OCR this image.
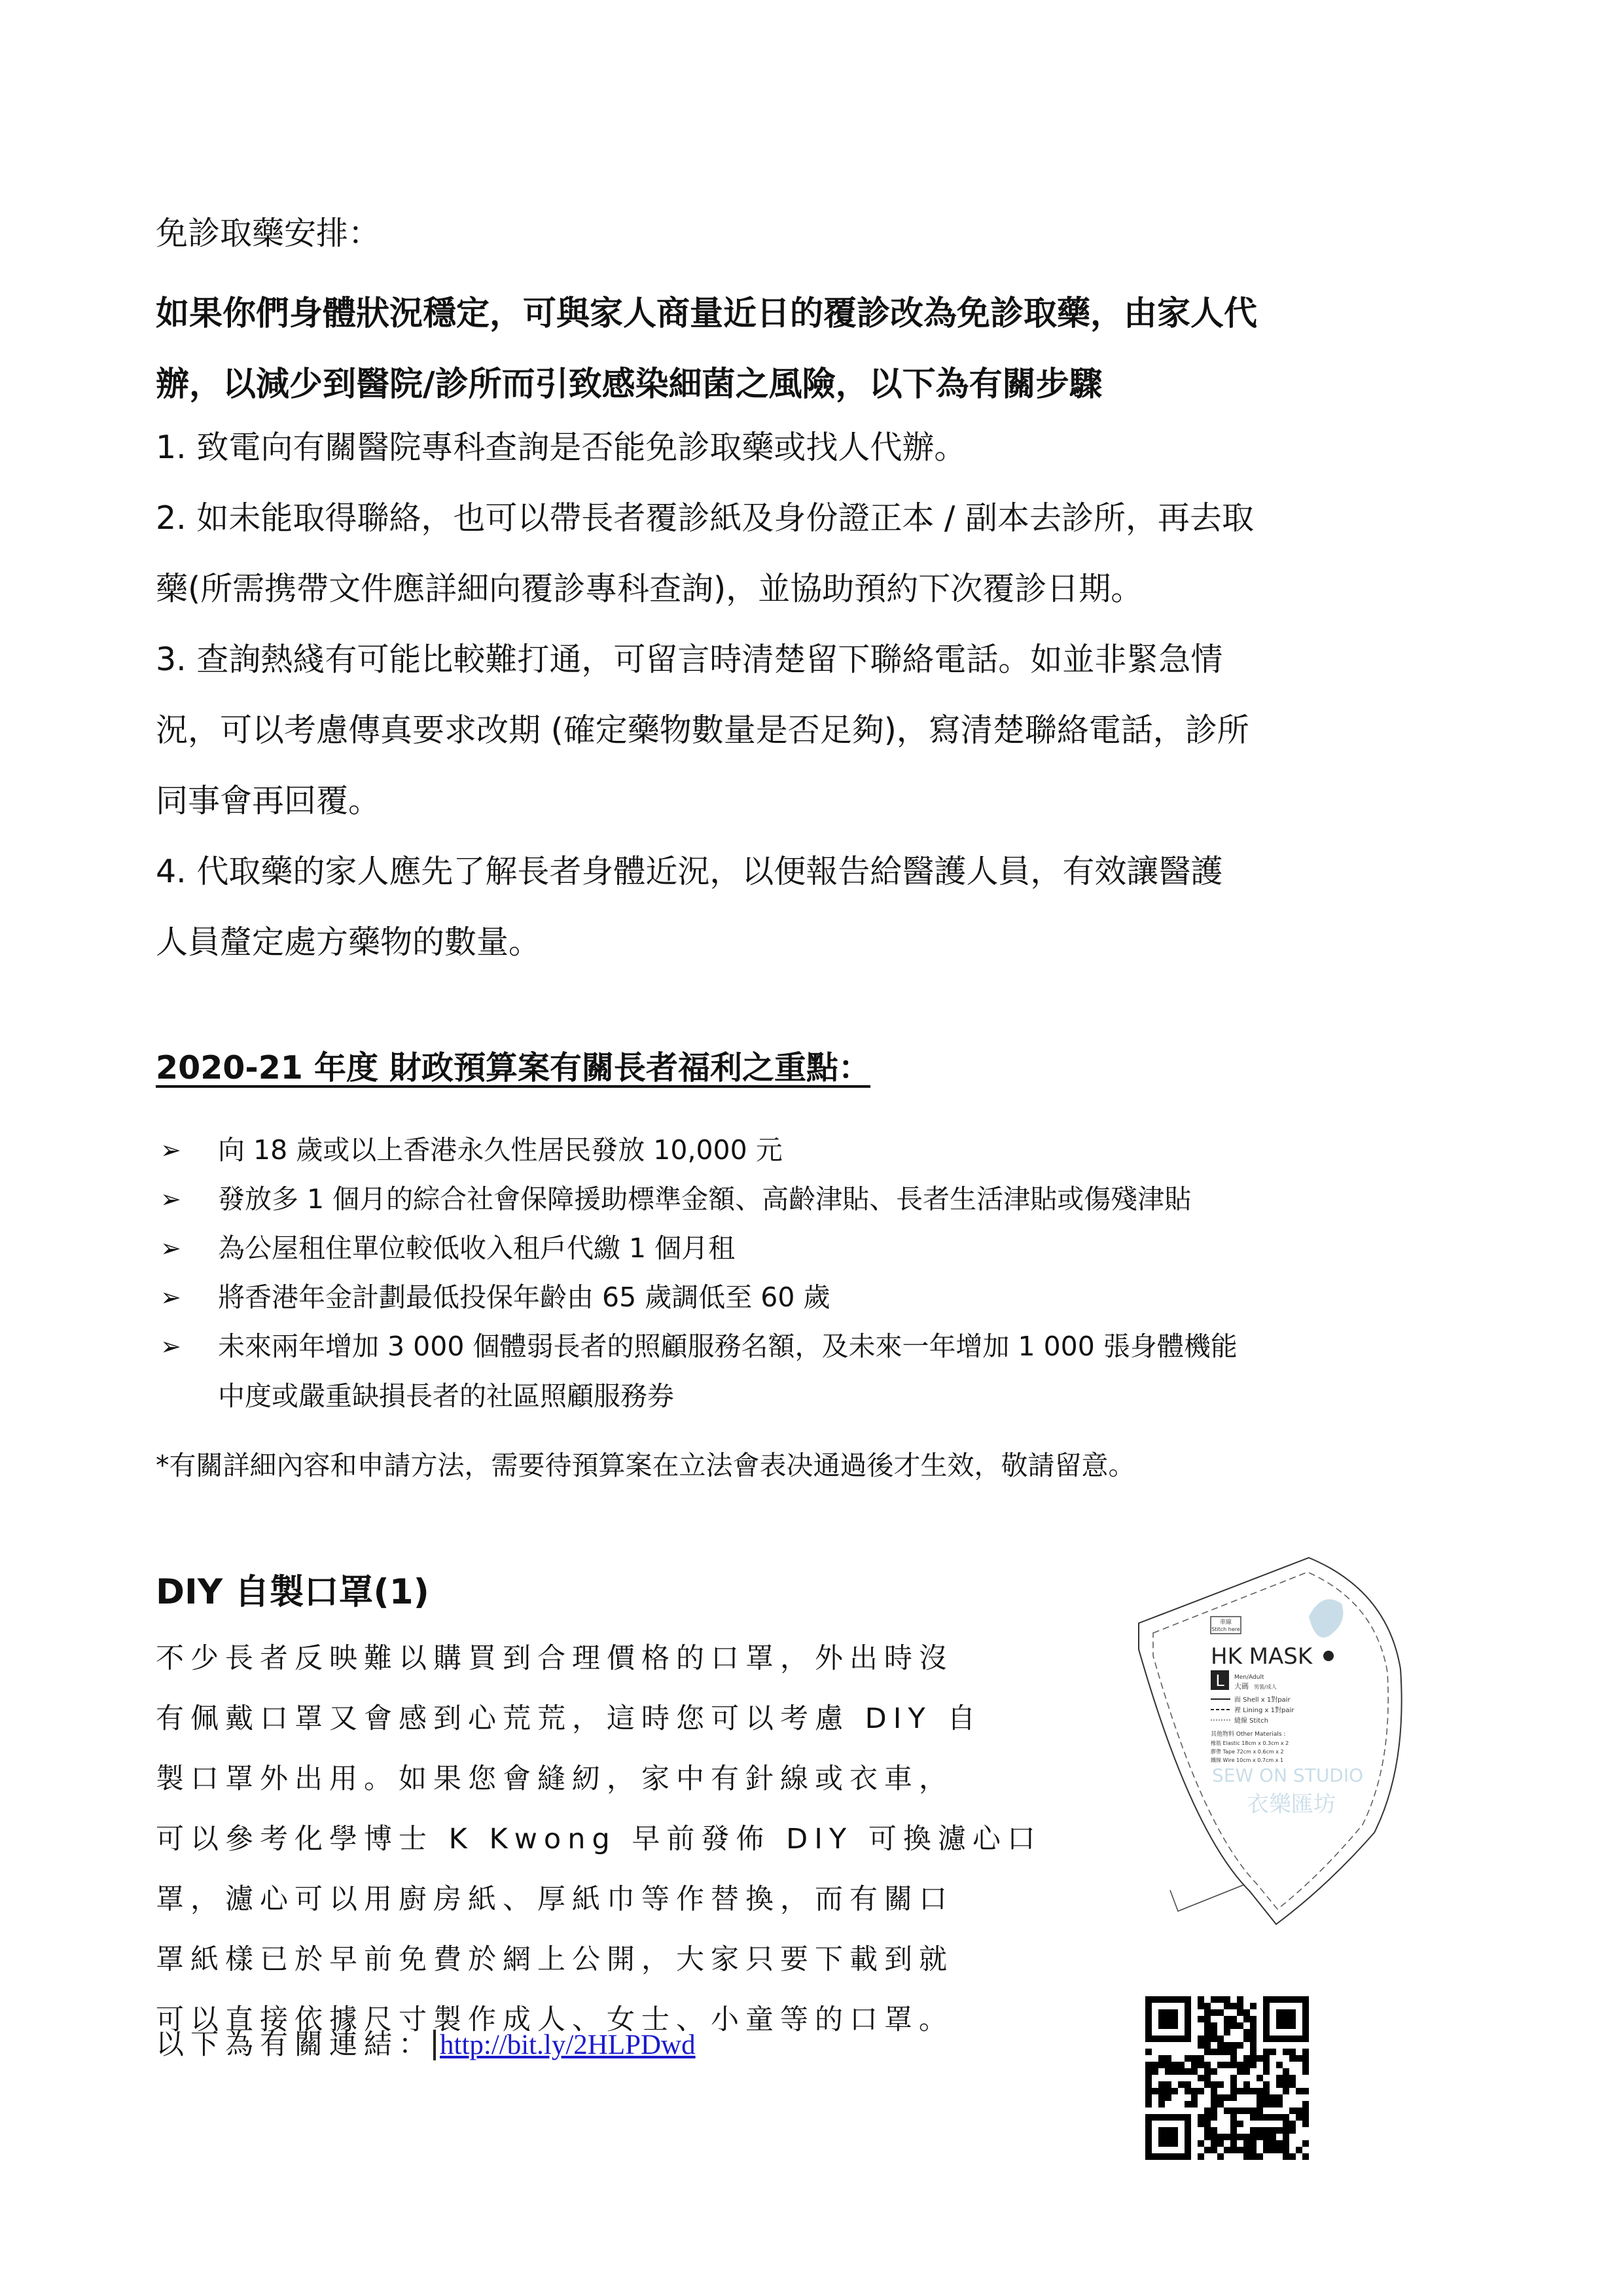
免診取藥安排：
如果你們身體狀況穩定，可與家人商量近日的覆診改為免診取藥，由家人代
辦，以減少到醫院/診所而引致感染細菌之風險，以下為有關步驟
1. 致電向有關醫院專科查詢是否能免診取藥或找人代辦。
2. 如未能取得聯絡，也可以帶長者覆診紙及身份證正本 / 副本去診所，再去取
藥(所需携帶文件應詳細向覆診專科查詢)，並協助預約下次覆診日期。
3. 查詢熱綫有可能比較難打通，可留言時清楚留下聯絡電話。如並非緊急情
況，可以考慮傳真要求改期 (確定藥物數量是否足夠)，寫清楚聯絡電話，診所
同事會再回覆。
4. 代取藥的家人應先了解長者身體近況，以便報告給醫護人員，有效讓醫護
人員釐定處方藥物的數量。
2020-21 年度 財政預算案有關長者福利之重點：
➢ 向 18 歲或以上香港永久性居民發放 10,000 元
➢ 發放多 1 個月的綜合社會保障援助標準金額、高齡津貼、長者生活津貼或傷殘津貼
➢ 為公屋租住單位較低收入租戶代繳 1 個月租
➢ 將香港年金計劃最低投保年齡由 65 歲調低至 60 歲
➢ 未來兩年增加 3 000 個體弱長者的照顧服務名額，及未來一年增加 1 000 張身體機能
中度或嚴重缺損長者的社區照顧服務券
*有關詳細內容和申請方法，需要待預算案在立法會表决通過後才生效，敬請留意。
DIY 自製口罩(1)
不少長者反映難以購買到合理價格的口罩，外出時沒
有佩戴口罩又會感到心荒荒，這時您可以考慮 DIY 自
製口罩外出用。如果您會縫紉，家中有針線或衣車，
可以參考化學博士 K Kwong 早前發佈 DIY 可換濾心口
罩，濾心可以用廚房紙、厚紙巾等作替換，而有關口
罩紙樣已於早前免費於網上公開，大家只要下載到就
可以直接依據尺寸製作成人、女士、小童等的口罩。
以下為有關連結： http://bit.ly/2HLPDwd
車線
Stitch here
HK MASK
L Men/Adult
大碼 男裝/成人
面 Shell x 1對pair
裡 Lining x 1對pair
縫線 Stitch
其他物料 Other Materials :
橡筋 Elastic 18cm x 0.3cm x 2
膠帶 Tape 72cm x 0.6cm x 2
鐵線 Wire 10cm x 0.7cm x 1
SEW ON STUDIO
衣樂匯坊
